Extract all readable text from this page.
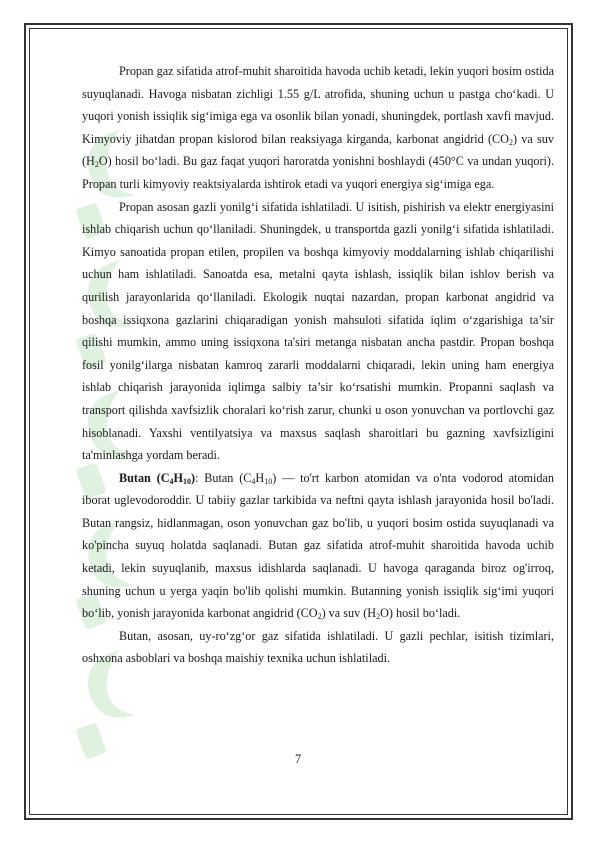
Propan gaz sifatida atrof-muhit sharoitida havoda uchib ketadi, lekin yuqori bosim ostida suyuqlanadi. Havoga nisbatan zichligi 1.55 g/L atrofida, shuning uchun u pastga cho‘kadi. U yuqori yonish issiqlik sig‘imiga ega va osonlik bilan yonadi, shuningdek, portlash xavfi mavjud. Kimyoviy jihatdan propan kislorod bilan reaksiyaga kirganda, karbonat angidrid $(CO_2)$ va suv $(H_2O)$ hosil bo‘ladi. Bu gaz faqat yuqori haroratda yonishni boshlaydi (450°C va undan yuqori). Propan turli kimyoviy reaktsiyalarda ishtirok etadi va yuqori energiya sig‘imiga ega.

Propan asosan gazli yonilg‘i sifatida ishlatiladi. U isitish, pishirish va elektr energiyasini ishlab chiqarish uchun qo‘llaniladi. Shuningdek, u transportda gazli yonilg‘i sifatida ishlatiladi. Kimyo sanoatida propan etilen, propilen va boshqa kimyoviy moddalarning ishlab chiqarilishi uchun ham ishlatiladi. Sanoatda esa, metalni qayta ishlash, issiqlik bilan ishlov berish va qurilish jarayonlarida qo‘llaniladi. Ekologik nuqtai nazardan, propan karbonat angidrid va boshqa issiqxona gazlarini chiqaradigan yonish mahsuloti sifatida iqlim o‘zgarishiga ta’sir qilishi mumkin, ammo uning issiqxona ta'siri metanga nisbatan ancha pastdir. Propan boshqa fosil yonilg‘ilarga nisbatan kamroq zararli moddalarni chiqaradi, lekin uning ham energiya ishlab chiqarish jarayonida iqlimga salbiy ta’sir ko‘rsatishi mumkin. Propanni saqlash va transport qilishda xavfsizlik choralari ko‘rish zarur, chunki u oson yonuvchan va portlovchi gaz hisoblanadi. Yaxshi ventilyatsiya va maxsus saqlash sharoitlari bu gazning xavfsizligini ta'minlashga yordam beradi.

Butan $(C_4H_{10})$: Butan $(C_4H_{10})$ — to'rt karbon atomidan va o'nta vodorod atomidan iborat uglevodoroddir. U tabiiy gazlar tarkibida va neftni qayta ishlash jarayonida hosil bo'ladi. Butan rangsiz, hidlanmagan, oson yonuvchan gaz bo'lib, u yuqori bosim ostida suyuqlanadi va ko'pincha suyuq holatda saqlanadi. Butan gaz sifatida atrof-muhit sharoitida havoda uchib ketadi, lekin suyuqlanib, maxsus idishlarda saqlanadi. U havoga qaraganda biroz og'irroq, shuning uchun u yerga yaqin bo'lib qolishi mumkin. Butanning yonish issiqlik sig‘imi yuqori bo‘lib, yonish jarayonida karbonat angidrid $(CO_2)$ va suv $(H_2O)$ hosil bo‘ladi.

Butan, asosan, uy-ro‘zg‘or gaz sifatida ishlatiladi. U gazli pechlar, isitish tizimlari, oshxona asboblari va boshqa maishiy texnika uchun ishlatiladi.

7
